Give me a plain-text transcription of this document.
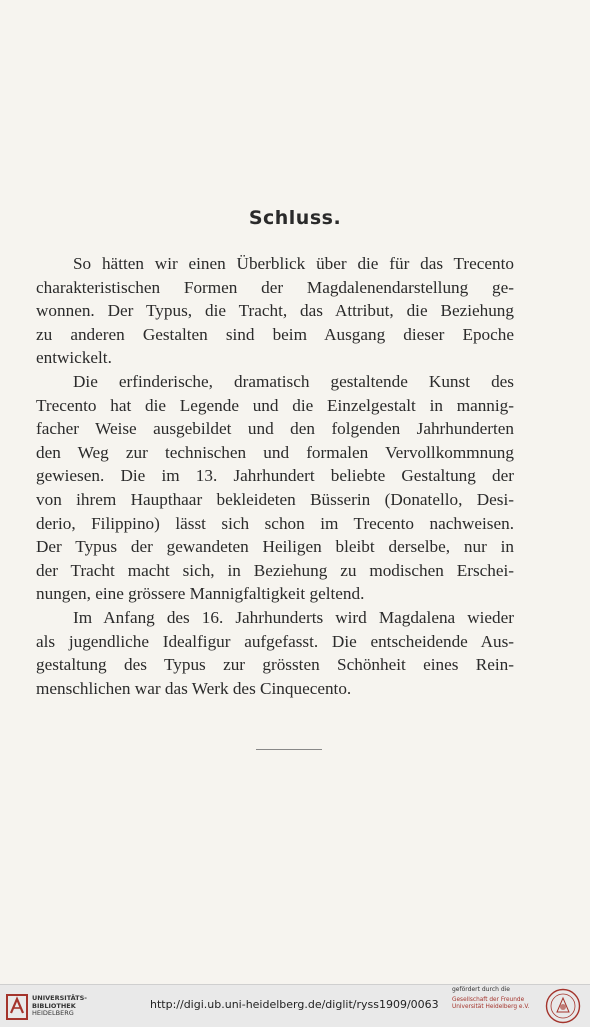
Schluss.
So hätten wir einen Überblick über die für das Trecento
charakteristischen Formen der Magdalenendarstellung ge-
wonnen. Der Typus, die Tracht, das Attribut, die Beziehung
zu anderen Gestalten sind beim Ausgang dieser Epoche
entwickelt.
Die erfinderische, dramatisch gestaltende Kunst des
Trecento hat die Legende und die Einzelgestalt in mannig-
facher Weise ausgebildet und den folgenden Jahrhunderten
den Weg zur technischen und formalen Vervollkommnung
gewiesen. Die im 13. Jahrhundert beliebte Gestaltung der
von ihrem Haupthaar bekleideten Büsserin (Donatello, Desi-
derio, Filippino) lässt sich schon im Trecento nachweisen.
Der Typus der gewandeten Heiligen bleibt derselbe, nur in
der Tracht macht sich, in Beziehung zu modischen Erschei-
nungen, eine grössere Mannigfaltigkeit geltend.
Im Anfang des 16. Jahrhunderts wird Magdalena wieder
als jugendliche Idealfigur aufgefasst. Die entscheidende Aus-
gestaltung des Typus zur grössten Schönheit eines Rein-
menschlichen war das Werk des Cinquecento.
UNIVERSITÄTS-
BIBLIOTHEK
HEIDELBERG
http://digi.ub.uni-heidelberg.de/diglit/ryss1909/0063
gefördert durch die
Gesellschaft der Freunde
Universität Heidelberg e.V.
